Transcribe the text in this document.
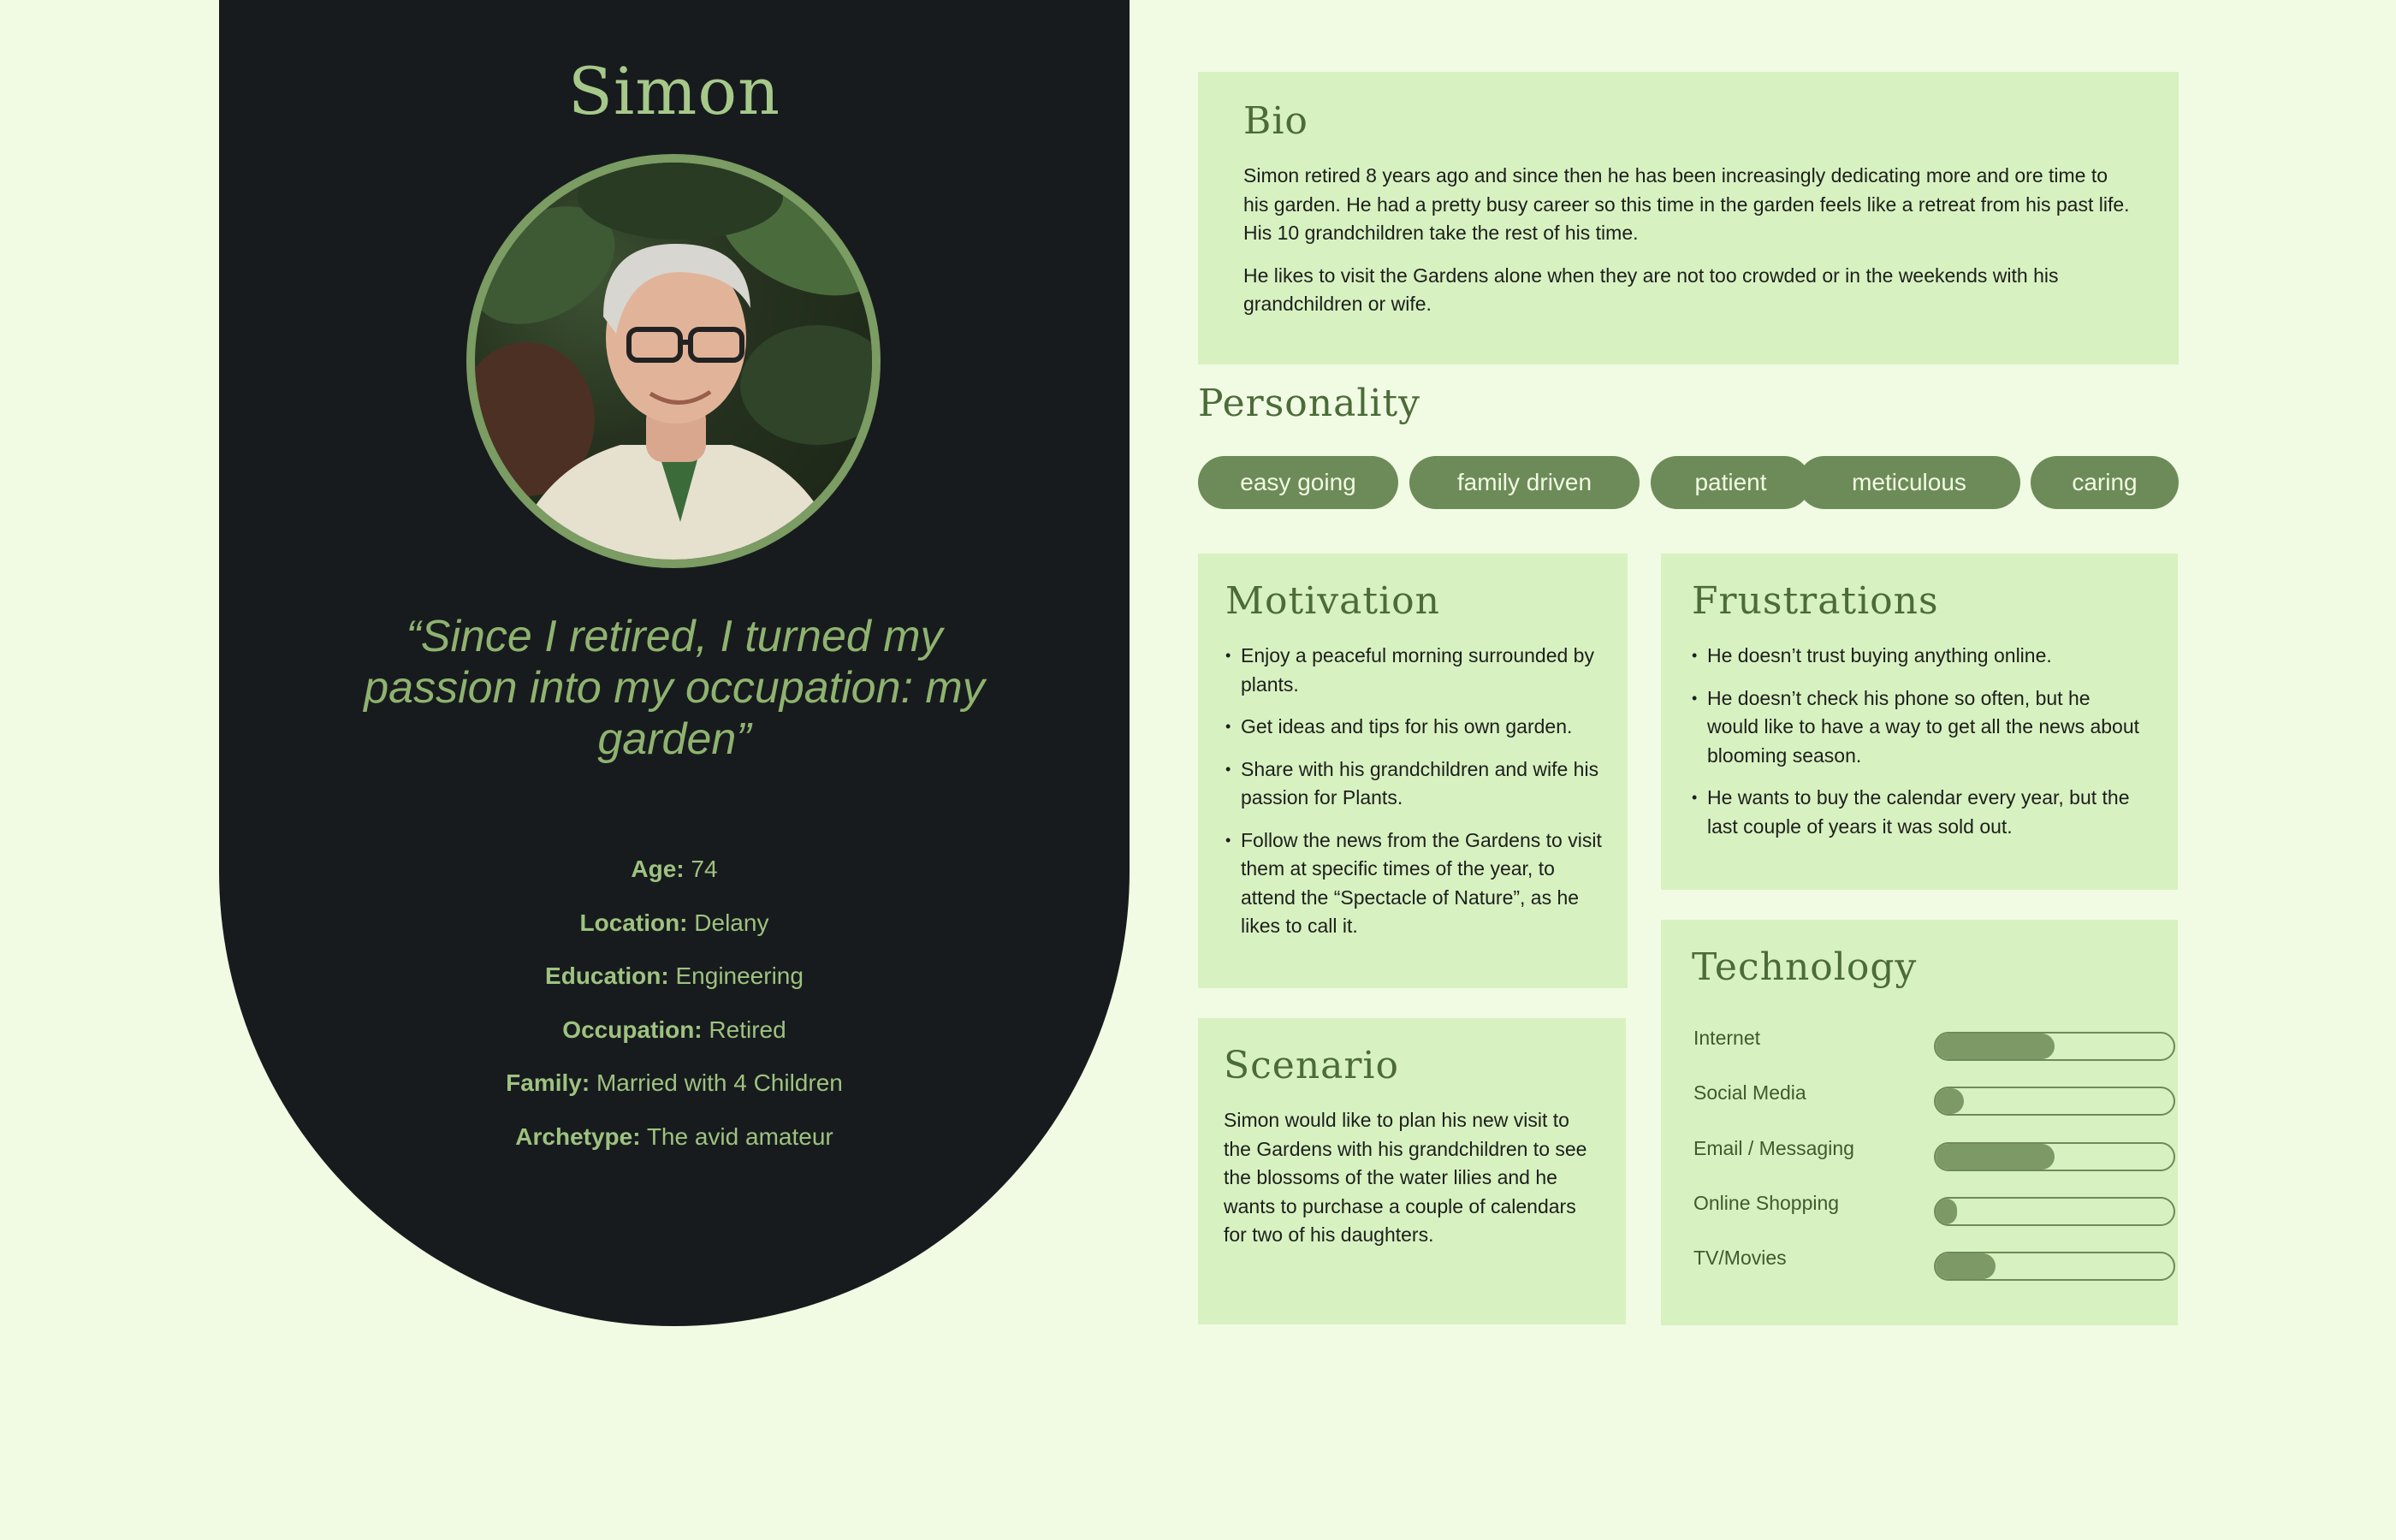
Simon
“Since I retired, I turned my passion into my occupation: my garden”
Age: 74
Location: Delany
Education: Engineering
Occupation: Retired
Family: Married with 4 Children
Archetype: The avid amateur
Bio

Simon retired 8 years ago and since then he has been increasingly dedicating more and ore time to his garden. He had a pretty busy career so this time in the garden feels like a retreat from his past life. His 10 grandchildren take the rest of his time.

He likes to visit the Gardens alone when they are not too crowded or in the weekends with his grandchildren or wife.

Personality
easy going	family driven	patient	meticulous	caring
Motivation
• Enjoy a peaceful morning surrounded by plants.
• Get ideas and tips for his own garden.
• Share with his grandchildren and wife his passion for Plants.
• Follow the news from the Gardens to visit them at specific times of the year, to attend the “Spectacle of Nature”, as he likes to call it.
Frustrations
• He doesn’t trust buying anything online.
• He doesn’t check his phone so often, but he would like to have a way to get all the news about blooming season.
• He wants to buy the calendar every year, but the last couple of years it was sold out.
Scenario
Simon would like to plan his new visit to the Gardens with his grandchildren to see the blossoms of the water lilies and he wants to purchase a couple of calendars for two of his daughters.
Technology
Internet
Social Media
Email / Messaging
Online Shopping
TV/Movies
